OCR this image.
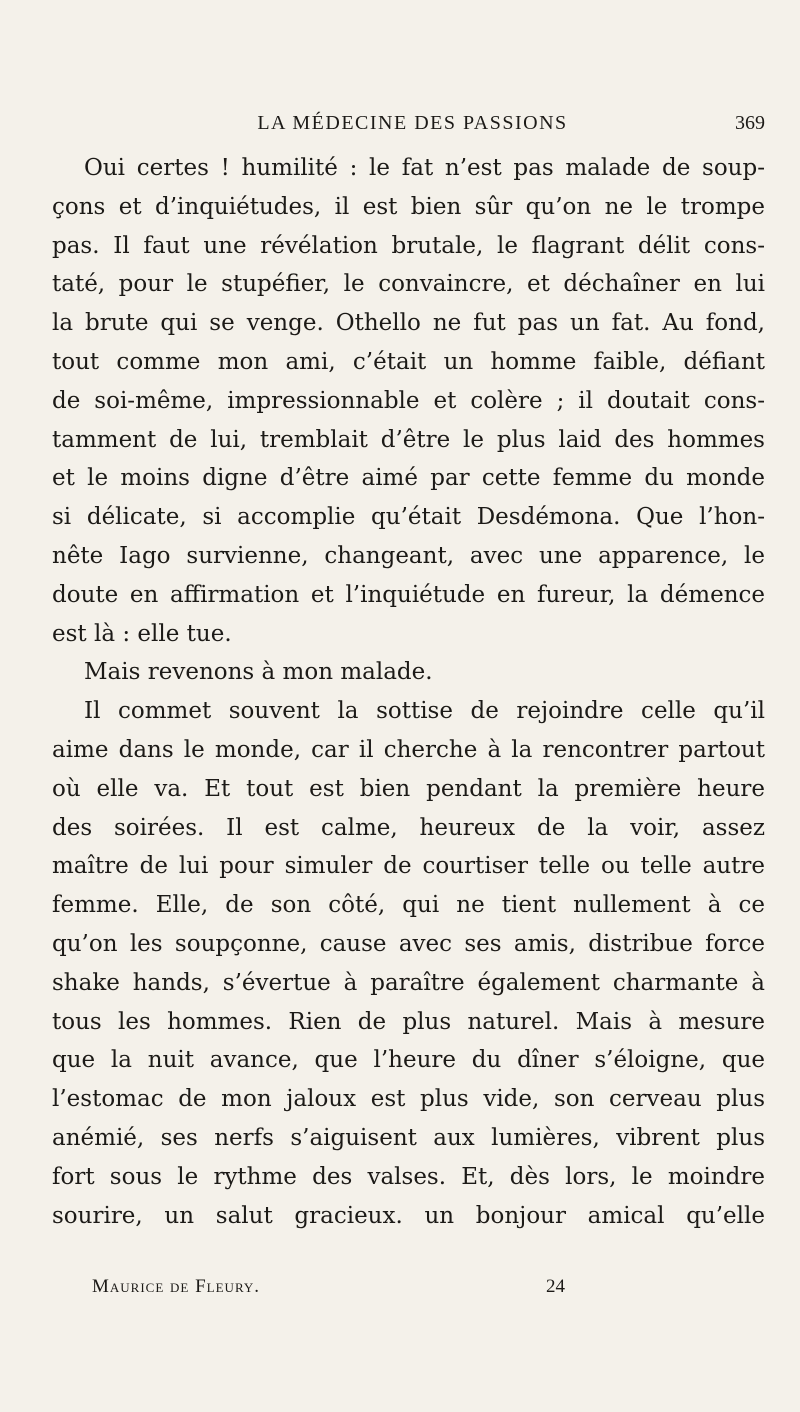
LA MÉDECINE DES PASSIONS	369
Oui certes ! humilité : le fat n’est pas malade de soup-
çons et d’inquiétudes, il est bien sûr qu’on ne le trompe
pas. Il faut une révélation brutale, le flagrant délit cons-
taté, pour le stupéfier, le convaincre, et déchaîner en lui
la brute qui se venge. Othello ne fut pas un fat. Au fond,
tout comme mon ami, c’était un homme faible, défiant
de soi-même, impressionnable et colère ; il doutait cons-
tamment de lui, tremblait d’être le plus laid des hommes
et le moins digne d’être aimé par cette femme du monde
si délicate, si accomplie qu’était Desdémona. Que l’hon-
nête Iago survienne, changeant, avec une apparence, le
doute en affirmation et l’inquiétude en fureur, la démence
est là : elle tue.
Mais revenons à mon malade.
Il commet souvent la sottise de rejoindre celle qu’il
aime dans le monde, car il cherche à la rencontrer partout
où elle va. Et tout est bien pendant la première heure
des soirées. Il est calme, heureux de la voir, assez
maître de lui pour simuler de courtiser telle ou telle autre
femme. Elle, de son côté, qui ne tient nullement à ce
qu’on les soupçonne, cause avec ses amis, distribue force
shake hands, s’évertue à paraître également charmante à
tous les hommes. Rien de plus naturel. Mais à mesure
que la nuit avance, que l’heure du dîner s’éloigne, que
l’estomac de mon jaloux est plus vide, son cerveau plus
anémié, ses nerfs s’aiguisent aux lumières, vibrent plus
fort sous le rythme des valses. Et, dès lors, le moindre
sourire, un salut gracieux. un bonjour amical qu’elle
Maurice de Fleury.	24
